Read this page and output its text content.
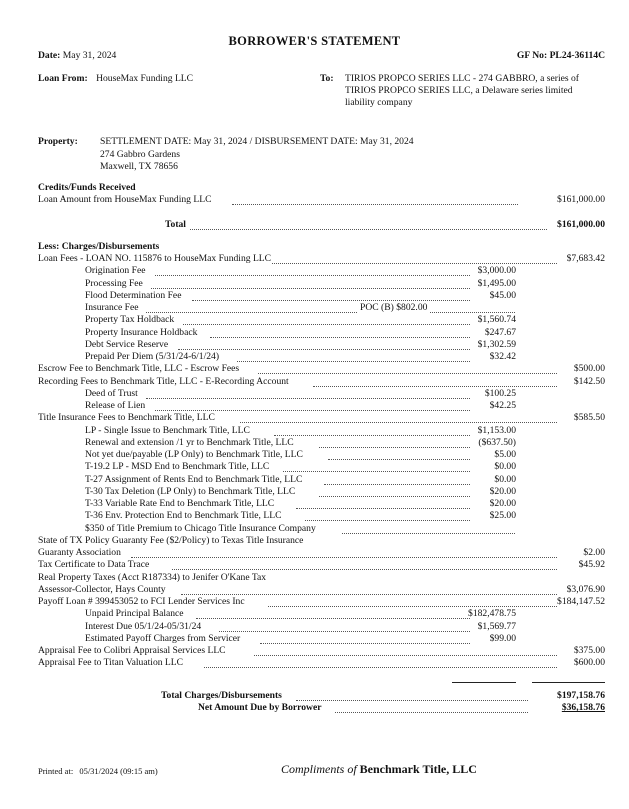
BORROWER'S STATEMENT
Date: May 31, 2024	GF No: PL24-36114C
Loan From: HouseMax Funding LLC	To: TIRIOS PROPCO SERIES LLC - 274 GABBRO, a series of
TIRIOS PROPCO SERIES LLC, a Delaware series limited
liability company
Property: SETTLEMENT DATE: May 31, 2024 / DISBURSEMENT DATE: May 31, 2024
274 Gabbro Gardens
Maxwell, TX 78656
Credits/Funds Received
Loan Amount from HouseMax Funding LLC	$161,000.00
Total	$161,000.00
Less: Charges/Disbursements
Loan Fees - LOAN NO. 115876 to HouseMax Funding LLC	$7,683.42
Origination Fee	$3,000.00
Processing Fee	$1,495.00
Flood Determination Fee	$45.00
Insurance Fee	POC (B) $802.00
Property Tax Holdback	$1,560.74
Property Insurance Holdback	$247.67
Debt Service Reserve	$1,302.59
Prepaid Per Diem (5/31/24-6/1/24)	$32.42
Escrow Fee to Benchmark Title, LLC - Escrow Fees	$500.00
Recording Fees to Benchmark Title, LLC - E-Recording Account	$142.50
Deed of Trust	$100.25
Release of Lien	$42.25
Title Insurance Fees to Benchmark Title, LLC	$585.50
LP - Single Issue to Benchmark Title, LLC	$1,153.00
Renewal and extension /1 yr to Benchmark Title, LLC	($637.50)
Not yet due/payable (LP Only) to Benchmark Title, LLC	$5.00
T-19.2 LP - MSD End to Benchmark Title, LLC	$0.00
T-27 Assignment of Rents End to Benchmark Title, LLC	$0.00
T-30 Tax Deletion (LP Only) to Benchmark Title, LLC	$20.00
T-33 Variable Rate End to Benchmark Title, LLC	$20.00
T-36 Env. Protection End to Benchmark Title, LLC	$25.00
$350 of Title Premium to Chicago Title Insurance Company
State of TX Policy Guaranty Fee ($2/Policy) to Texas Title Insurance
Guaranty Association	$2.00
Tax Certificate to Data Trace	$45.92
Real Property Taxes (Acct R187334) to Jenifer O'Kane Tax
Assessor-Collector, Hays County	$3,076.90
Payoff Loan # 399453052 to FCI Lender Services Inc	$184,147.52
Unpaid Principal Balance	$182,478.75
Interest Due 05/1/24-05/31/24	$1,569.77
Estimated Payoff Charges from Servicer	$99.00
Appraisal Fee to Colibri Appraisal Services LLC	$375.00
Appraisal Fee to Titan Valuation LLC	$600.00
Total Charges/Disbursements	$197,158.76
Net Amount Due by Borrower	$36,158.76
Printed at: 05/31/2024 (09:15 am)	Compliments of Benchmark Title, LLC
